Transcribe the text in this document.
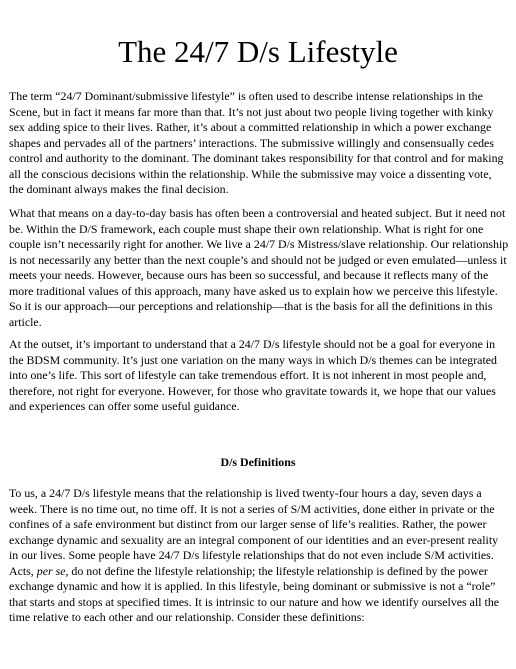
The 24/7 D/s Lifestyle

The term “24/7 Dominant/submissive lifestyle” is often used to describe intense relationships in the Scene, but in fact it means far more than that. It’s not just about two people living together with kinky sex adding spice to their lives. Rather, it’s about a committed relationship in which a power exchange shapes and pervades all of the partners’ interactions. The submissive willingly and consensually cedes control and authority to the dominant. The dominant takes responsibility for that control and for making all the conscious decisions within the relationship. While the submissive may voice a dissenting vote, the dominant always makes the final decision.

What that means on a day-to-day basis has often been a controversial and heated subject. But it need not be. Within the D/S framework, each couple must shape their own relationship. What is right for one couple isn’t necessarily right for another. We live a 24/7 D/s Mistress/slave relationship. Our relationship is not necessarily any better than the next couple’s and should not be judged or even emulated—unless it meets your needs. However, because ours has been so successful, and because it reflects many of the more traditional values of this approach, many have asked us to explain how we perceive this lifestyle. So it is our approach—our perceptions and relationship—that is the basis for all the definitions in this article.

At the outset, it’s important to understand that a 24/7 D/s lifestyle should not be a goal for everyone in the BDSM community. It’s just one variation on the many ways in which D/s themes can be integrated into one’s life. This sort of lifestyle can take tremendous effort. It is not inherent in most people and, therefore, not right for everyone. However, for those who gravitate towards it, we hope that our values and experiences can offer some useful guidance.

D/s Definitions

To us, a 24/7 D/s lifestyle means that the relationship is lived twenty-four hours a day, seven days a week. There is no time out, no time off. It is not a series of S/M activities, done either in private or the confines of a safe environment but distinct from our larger sense of life’s realities. Rather, the power exchange dynamic and sexuality are an integral component of our identities and an ever-present reality in our lives. Some people have 24/7 D/s lifestyle relationships that do not even include S/M activities. Acts, per se, do not define the lifestyle relationship; the lifestyle relationship is defined by the power exchange dynamic and how it is applied. In this lifestyle, being dominant or submissive is not a “role” that starts and stops at specified times. It is intrinsic to our nature and how we identify ourselves all the time relative to each other and our relationship. Consider these definitions:
